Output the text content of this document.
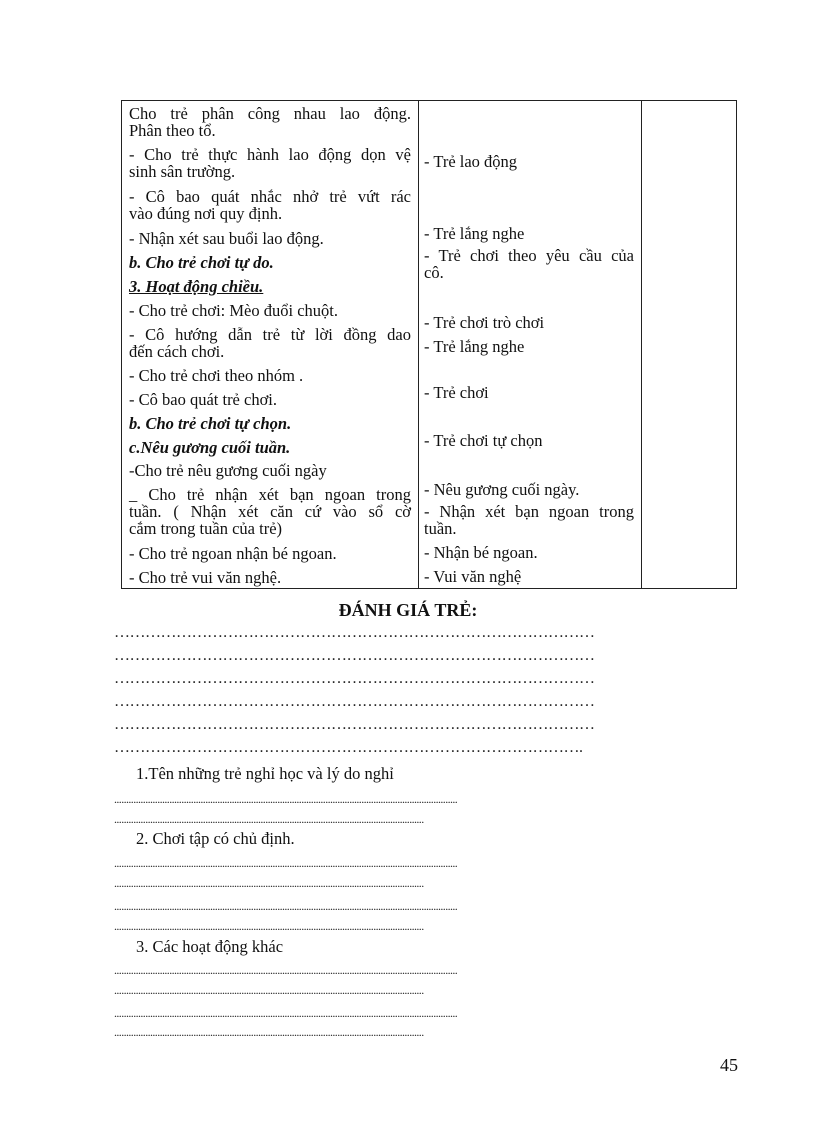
Cho trẻ phân công nhau lao động.
Phân theo tổ.
- Cho trẻ thực hành lao động dọn vệ
sinh sân trường.
- Cô bao quát nhắc nhở trẻ vứt rác
vào đúng nơi quy định.
- Nhận xét sau buổi lao động.
b. Cho trẻ chơi tự do.
3. Hoạt động chiều.
- Cho trẻ chơi: Mèo đuổi chuột.
- Cô hướng dẫn trẻ từ lời đồng dao
đến cách chơi.
- Cho trẻ chơi theo nhóm .
- Cô bao quát trẻ chơi.
b. Cho trẻ chơi tự chọn.
c.Nêu gương cuối tuần.
-Cho trẻ nêu gương cuối ngày
_ Cho trẻ nhận xét bạn ngoan trong
tuần. ( Nhận xét căn cứ vào sổ cờ
cắm trong tuần của trẻ)
- Cho trẻ ngoan nhận bé ngoan.
- Cho trẻ vui văn nghệ.
- Trẻ lao động
- Trẻ lắng nghe
- Trẻ chơi theo yêu cầu của
cô.
- Trẻ chơi trò chơi
- Trẻ lắng nghe
- Trẻ chơi
- Trẻ chơi tự chọn
- Nêu gương cuối ngày.
- Nhận xét bạn ngoan trong
tuần.
- Nhận bé ngoan.
- Vui văn nghệ
ĐÁNH GIÁ TRẺ:
…………………………………………………………………………………
…………………………………………………………………………………
…………………………………………………………………………………
…………………………………………………………………………………
…………………………………………………………………………………
……………………………………………………………………………….
1.Tên những trẻ nghỉ học và lý do nghỉ
...............................................................................................................................................
.................................................................................................................................
2. Chơi tập có chủ định.
...............................................................................................................................................
.................................................................................................................................
...............................................................................................................................................
.................................................................................................................................
3. Các hoạt động khác
...............................................................................................................................................
.................................................................................................................................
...............................................................................................................................................
.................................................................................................................................
45
